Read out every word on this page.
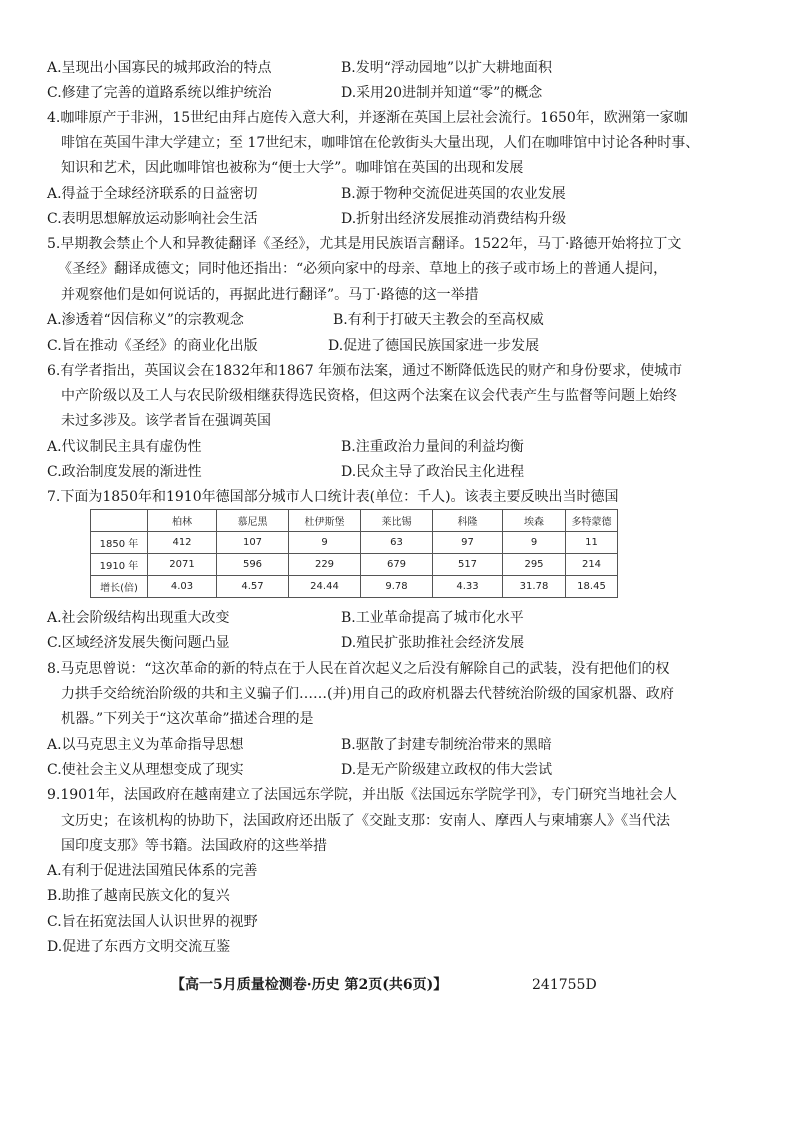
A.呈现出小国寡民的城邦政治的特点	B.发明“浮动园地”以扩大耕地面积
C.修建了完善的道路系统以维护统治	D.采用20进制并知道“零”的概念
4.咖啡原产于非洲，15世纪由拜占庭传入意大利，并逐渐在英国上层社会流行。1650年，欧洲第一家咖
啡馆在英国牛津大学建立；至 17世纪末，咖啡馆在伦敦街头大量出现，人们在咖啡馆中讨论各种时事、
知识和艺术，因此咖啡馆也被称为“便士大学”。咖啡馆在英国的出现和发展
A.得益于全球经济联系的日益密切	B.源于物种交流促进英国的农业发展
C.表明思想解放运动影响社会生活	D.折射出经济发展推动消费结构升级
5.早期教会禁止个人和异教徒翻译《圣经》，尤其是用民族语言翻译。1522年，马丁·路德开始将拉丁文
《圣经》翻译成德文；同时他还指出：“必须向家中的母亲、草地上的孩子或市场上的普通人提问，
并观察他们是如何说话的，再据此进行翻译”。马丁·路德的这一举措
A.渗透着“因信称义”的宗教观念	B.有利于打破天主教会的至高权威
C.旨在推动《圣经》的商业化出版	D.促进了德国民族国家进一步发展
6.有学者指出，英国议会在1832年和1867 年颁布法案，通过不断降低选民的财产和身份要求，使城市
中产阶级以及工人与农民阶级相继获得选民资格，但这两个法案在议会代表产生与监督等问题上始终
未过多涉及。该学者旨在强调英国
A.代议制民主具有虚伪性	B.注重政治力量间的利益均衡
C.政治制度发展的渐进性	D.民众主导了政治民主化进程
7.下面为1850年和1910年德国部分城市人口统计表(单位：千人)。该表主要反映出当时德国
	柏林	慕尼黑	杜伊斯堡	莱比锡	科隆	埃森	多特蒙德
1850 年	412	107	9	63	97	9	11
1910 年	2071	596	229	679	517	295	214
增长(倍)	4.03	4.57	24.44	9.78	4.33	31.78	18.45
A.社会阶级结构出现重大改变	B.工业革命提高了城市化水平
C.区域经济发展失衡问题凸显	D.殖民扩张助推社会经济发展
8.马克思曾说：“这次革命的新的特点在于人民在首次起义之后没有解除自己的武装，没有把他们的权
力拱手交给统治阶级的共和主义骗子们……(并)用自己的政府机器去代替统治阶级的国家机器、政府
机器。”下列关于“这次革命”描述合理的是
A.以马克思主义为革命指导思想	B.驱散了封建专制统治带来的黑暗
C.使社会主义从理想变成了现实	D.是无产阶级建立政权的伟大尝试
9.1901年，法国政府在越南建立了法国远东学院，并出版《法国远东学院学刊》，专门研究当地社会人
文历史；在该机构的协助下，法国政府还出版了《交趾支那：安南人、摩西人与柬埔寨人》《当代法
国印度支那》等书籍。法国政府的这些举措
A.有利于促进法国殖民体系的完善
B.助推了越南民族文化的复兴
C.旨在拓宽法国人认识世界的视野
D.促进了东西方文明交流互鉴
【高一5月质量检测卷·历史 第2页(共6页)】	241755D
